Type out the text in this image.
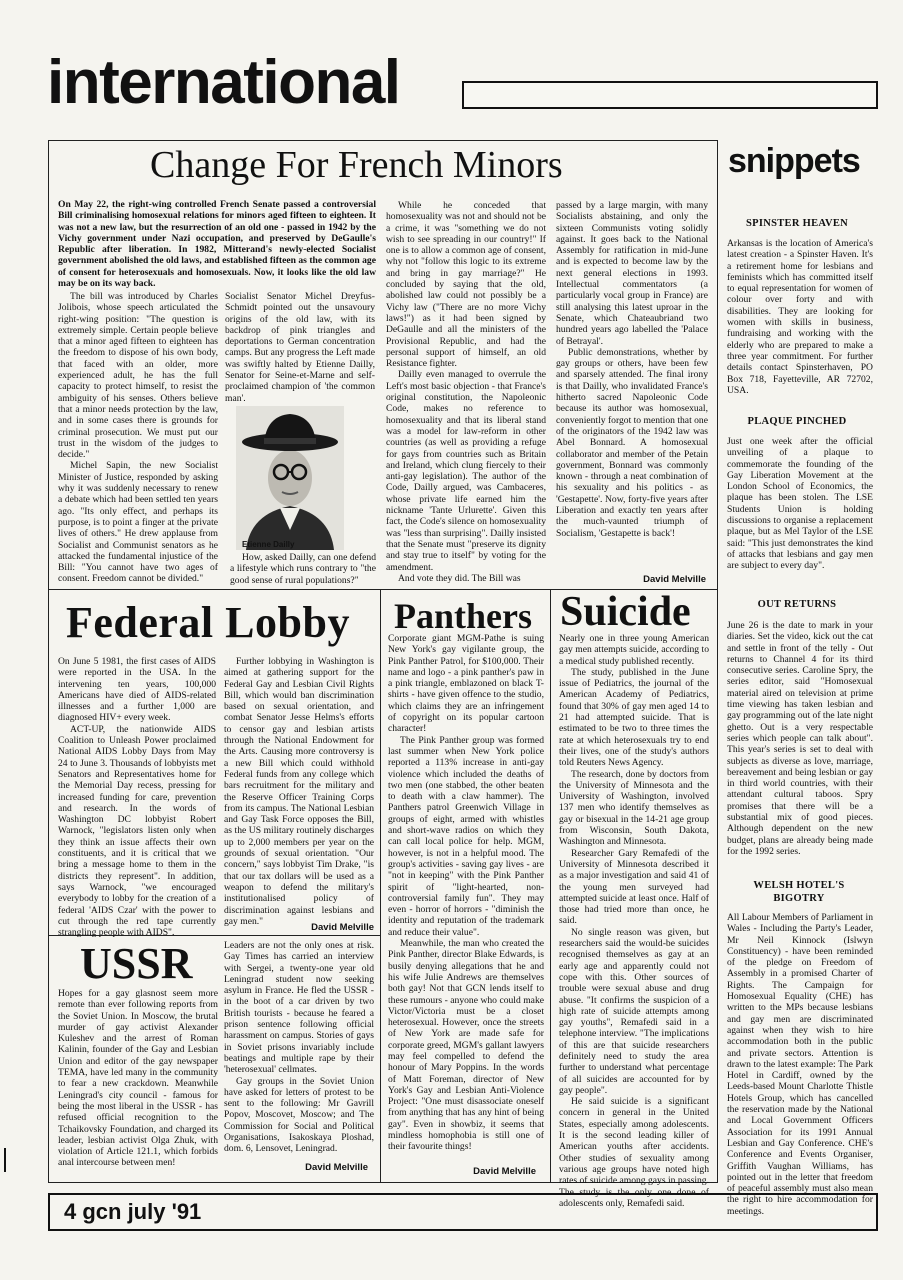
international
Change For French Minors
On May 22, the right-wing controlled French Senate passed a controversial Bill criminalising homosexual relations for minors aged fifteen to eighteen. It was not a new law, but the resurrection of an old one - passed in 1942 by the Vichy government under Nazi occupation, and preserved by DeGaulle's Republic after liberation. In 1982, Mitterand's newly-elected Socialist government abolished the old laws, and established fifteen as the common age of consent for heterosexuals and homosexuals. Now, it looks like the old law may be on its way back.

The bill was introduced by Charles Jolibois, whose speech articulated the right-wing position: "The question is extremely simple. Certain people believe that a minor aged fifteen to eighteen has the freedom to dispose of his own body, that faced with an older, more experienced adult, he has the full capacity to protect himself, to resist the ambiguity of his senses. Others believe that a minor needs protection by the law, and in some cases there is grounds for criminal prosecution. We must put our trust in the wisdom of the judges to decide."

Michel Sapin, the new Socialist Minister of Justice, responded by asking why it was suddenly necessary to renew a debate which had been settled ten years ago. "Its only effect, and perhaps its purpose, is to point a finger at the private lives of others." He drew applause from Socialist and Communist senators as he attacked the fundamental injustice of the Bill: "You cannot have two ages of consent. Freedom cannot be divided."

Socialist Senator Michel Dreyfus-Schmidt pointed out the unsavoury origins of the old law, with its backdrop of pink triangles and deportations to German concentration camps. But any progress the Left made was swiftly halted by Etienne Dailly, Senator for Seine-et-Marne and self-proclaimed champion of 'the common man'.

Etienne Dailly

How, asked Dailly, can one defend a lifestyle which runs contrary to "the good sense of rural populations?"

While he conceded that homosexuality was not and should not be a crime, it was "something we do not wish to see spreading in our country!" If one is to allow a common age of consent, why not "follow this logic to its extreme and bring in gay marriage?" He concluded by saying that the old, abolished law could not possibly be a Vichy law ("There are no more Vichy laws!") as it had been signed by DeGaulle and all the ministers of the Provisional Republic, and had the personal support of himself, an old Resistance fighter.

Dailly even managed to overrule the Left's most basic objection - that France's original constitution, the Napoleonic Code, makes no reference to homosexuality and that its liberal stand was a model for law-reform in other countries (as well as providing a refuge for gays from countries such as Britain and Ireland, which clung fiercely to their anti-gay legislation). The author of the Code, Dailly argued, was Cambaceres, whose private life earned him the nickname 'Tante Urlurette'. Given this fact, the Code's silence on homosexuality was "less than surprising". Dailly insisted that the Senate must "preserve its dignity and stay true to itself" by voting for the amendment.

And vote they did. The Bill was

passed by a large margin, with many Socialists abstaining, and only the sixteen Communists voting solidly against. It goes back to the National Assembly for ratification in mid-June and is expected to become law by the next general elections in 1993. Intellectual commentators (a particularly vocal group in France) are still analysing this latest uproar in the Senate, which Chateaubriand two hundred years ago labelled the 'Palace of Betrayal'.

Public demonstrations, whether by gay groups or others, have been few and sparsely attended. The final irony is that Dailly, who invalidated France's hitherto sacred Napoleonic Code because its author was homosexual, conveniently forgot to mention that one of the originators of the 1942 law was Abel Bonnard. A homosexual collaborator and member of the Petain government, Bonnard was commonly known - through a neat combination of his sexuality and his politics - as 'Gestapette'. Now, forty-five years after Liberation and exactly ten years after the much-vaunted triumph of Socialism, 'Gestapette is back'!

David Melville
Federal Lobby

On June 5 1981, the first cases of AIDS were reported in the USA. In the intervening ten years, 100,000 Americans have died of AIDS-related illnesses and a further 1,000 are diagnosed HIV+ every week.

ACT-UP, the nationwide AIDS Coalition to Unleash Power proclaimed National AIDS Lobby Days from May 24 to June 3. Thousands of lobbyists met Senators and Representatives home for the Memorial Day recess, pressing for increased funding for care, prevention and research. In the words of Washington DC lobbyist Robert Warnock, "legislators listen only when they think an issue affects their own constituents, and it is critical that we bring a message home to them in the districts they represent". In addition, says Warnock, "we encouraged everybody to lobby for the creation of a federal 'AIDS Czar' with the power to cut through the red tape currently strangling people with AIDS".

Further lobbying in Washington is aimed at gathering support for the Federal Gay and Lesbian Civil Rights Bill, which would ban discrimination based on sexual orientation, and combat Senator Jesse Helms's efforts to censor gay and lesbian artists through the National Endowment for the Arts. Causing more controversy is a new Bill which could withhold Federal funds from any college which bars recruitment for the military and the Reserve Officer Training Corps from its campus. The National Lesbian and Gay Task Force opposes the Bill, as the US military routinely discharges up to 2,000 members per year on the grounds of sexual orientation. "Our concern," says lobbyist Tim Drake, "is that our tax dollars will be used as a weapon to defend the military's institutionalised policy of discrimination against lesbians and gay men."

David Melville
USSR

Hopes for a gay glasnost seem more remote than ever following reports from the Soviet Union. In Moscow, the brutal murder of gay activist Alexander Kuleshev and the arrest of Roman Kalinin, founder of the Gay and Lesbian Union and editor of the gay newspaper TEMA, have led many in the community to fear a new crackdown. Meanwhile Leningrad's city council - famous for being the most liberal in the USSR - has refused official recognition to the Tchaikovsky Foundation, and charged its leader, lesbian activist Olga Zhuk, with violation of Article 121.1, which forbids anal intercourse between men!

Leaders are not the only ones at risk. Gay Times has carried an interview with Sergei, a twenty-one year old Leningrad student now seeking asylum in France. He fled the USSR - in the boot of a car driven by two British tourists - because he feared a prison sentence following official harassment on campus. Stories of gays in Soviet prisons invariably include beatings and multiple rape by their 'heterosexual' cellmates.

Gay groups in the Soviet Union have asked for letters of protest to be sent to the following: Mr Gavrill Popov, Moscovet, Moscow; and The Commission for Social and Political Organisations, Isakoskaya Ploshad, dom. 6, Lensovet, Leningrad.

David Melville
Panthers

Corporate giant MGM-Pathe is suing New York's gay vigilante group, the Pink Panther Patrol, for $100,000. Their name and logo - a pink panther's paw in a pink triangle, emblazoned on black T-shirts - have given offence to the studio, which claims they are an infringement of copyright on its popular cartoon character!

The Pink Panther group was formed last summer when New York police reported a 113% increase in anti-gay violence which included the deaths of two men (one stabbed, the other beaten to death with a claw hammer). The Panthers patrol Greenwich Village in groups of eight, armed with whistles and short-wave radios on which they can call local police for help. MGM, however, is not in a helpful mood. The group's activities - saving gay lives - are "not in keeping" with the Pink Panther spirit of "light-hearted, non-controversial family fun". They may even - horror of horrors - "diminish the identity and reputation of the trademark and reduce their value".

Meanwhile, the man who created the Pink Panther, director Blake Edwards, is busily denying allegations that he and his wife Julie Andrews are themselves both gay! Not that GCN lends itself to these rumours - anyone who could make Victor/Victoria must be a closet heterosexual. However, once the streets of New York are made safe for corporate greed, MGM's gallant lawyers may feel compelled to defend the honour of Mary Poppins. In the words of Matt Foreman, director of New York's Gay and Lesbian Anti-Violence Project: "One must disassociate oneself from anything that has any hint of being gay". Even in showbiz, it seems that mindless homophobia is still one of their favourite things!

David Melville
Suicide

Nearly one in three young American gay men attempts suicide, according to a medical study published recently.

The study, published in the June issue of Pediatrics, the journal of the American Academy of Pediatrics, found that 30% of gay men aged 14 to 21 had attempted suicide. That is estimated to be two to three times the rate at which heterosexuals try to end their lives, one of the study's authors told Reuters News Agency.

The research, done by doctors from the University of Minnesota and the University of Washington, involved 137 men who identify themselves as gay or bisexual in the 14-21 age group from Wisconsin, South Dakota, Washington and Minnesota.

Researcher Gary Remafedi of the University of Minnesota described it as a major investigation and said 41 of the young men surveyed had attempted suicide at least once. Half of those had tried more than once, he said.

No single reason was given, but researchers said the would-be suicides recognised themselves as gay at an early age and apparently could not cope with this. Other sources of trouble were sexual abuse and drug abuse. "It confirms the suspicion of a high rate of suicide attempts among gay youths", Remafedi said in a telephone interview. "The implications of this are that suicide researchers definitely need to study the area further to understand what percentage of all suicides are accounted for by gay people".

He said suicide is a significant concern in general in the United States, especially among adolescents. It is the second leading killer of American youths after accidents. Other studies of sexuality among various age groups have noted high rates of suicide among gays in passing. The study is the only one done of adolescents only, Remafedi said.

snippets
SPINSTER HEAVEN

Arkansas is the location of America's latest creation - a Spinster Haven. It's a retirement home for lesbians and feminists which has committed itself to equal representation for women of colour over forty and with disabilities. They are looking for women with skills in business, fundraising and working with the elderly who are prepared to make a three year commitment. For further details contact Spinsterhaven, PO Box 718, Fayetteville, AR 72702, USA.

PLAQUE PINCHED

Just one week after the official unveiling of a plaque to commemorate the founding of the Gay Liberation Movement at the London School of Economics, the plaque has been stolen. The LSE Students Union is holding discussions to organise a replacement plaque, but as Mel Taylor of the LSE said: "This just demonstrates the kind of attacks that lesbians and gay men are subject to every day".

OUT RETURNS

June 26 is the date to mark in your diaries. Set the video, kick out the cat and settle in front of the telly - Out returns to Channel 4 for its third consecutive series. Caroline Spry, the series editor, said "Homosexual material aired on television at prime time viewing has taken lesbian and gay programming out of the late night ghetto. Out is a very respectable series which people can talk about". This year's series is set to deal with subjects as diverse as love, marriage, bereavement and being lesbian or gay in third world countries, with their attendant cultural taboos. Spry promises that there will be a substantial mix of good pieces. Although dependent on the new budget, plans are already being made for the 1992 series.

WELSH HOTEL'S BIGOTRY

All Labour Members of Parliament in Wales - Including the Party's Leader, Mr Neil Kinnock (Islwyn Constituency) - have been reminded of the pledge on Freedom of Assembly in a promised Charter of Rights. The Campaign for Homosexual Equality (CHE) has written to the MPs because lesbians and gay men are discriminated against when they wish to hire accommodation both in the public and private sectors. Attention is drawn to the latest example: The Park Hotel in Cardiff, owned by the Leeds-based Mount Charlotte Thistle Hotels Group, which has cancelled the reservation made by the National and Local Government Officers Association for its 1991 Annual Lesbian and Gay Conference. CHE's Conference and Events Organiser, Griffith Vaughan Williams, has pointed out in the letter that freedom of peaceful assembly must also mean the right to hire accommodation for meetings.

4 gcn july '91
